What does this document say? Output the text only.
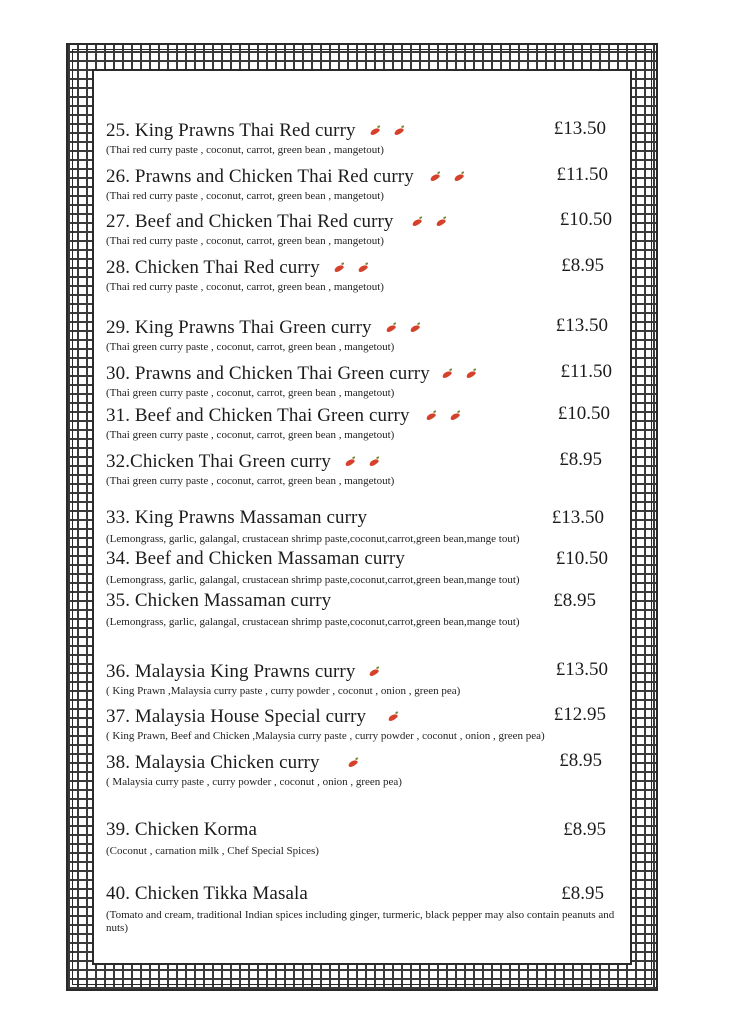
25. King Prawns Thai Red curry	£13.50
(Thai red curry paste , coconut, carrot, green bean , mangetout)
26. Prawns and Chicken Thai Red curry	£11.50
(Thai red curry paste , coconut, carrot, green bean , mangetout)
27. Beef and Chicken Thai Red curry	£10.50
(Thai red curry paste , coconut, carrot, green bean , mangetout)
28. Chicken Thai Red curry	£8.95
(Thai red curry paste , coconut, carrot, green bean , mangetout)
29. King Prawns Thai Green curry	£13.50
(Thai green curry paste , coconut, carrot, green bean , mangetout)
30. Prawns and Chicken Thai Green curry	£11.50
(Thai green curry paste , coconut, carrot, green bean , mangetout)
31. Beef and Chicken Thai Green curry	£10.50
(Thai green curry paste , coconut, carrot, green bean , mangetout)
32.Chicken Thai Green curry	£8.95
(Thai green curry paste , coconut, carrot, green bean , mangetout)
33. King Prawns Massaman curry	£13.50
(Lemongrass, garlic, galangal, crustacean shrimp paste,coconut,carrot,green bean,mange tout)
34. Beef and Chicken Massaman curry	£10.50
(Lemongrass, garlic, galangal, crustacean shrimp paste,coconut,carrot,green bean,mange tout)
35. Chicken Massaman curry	£8.95
(Lemongrass, garlic, galangal, crustacean shrimp paste,coconut,carrot,green bean,mange tout)
36. Malaysia King Prawns curry	£13.50
( King Prawn ,Malaysia curry paste , curry powder , coconut , onion , green pea)
37. Malaysia House Special curry	£12.95
( King Prawn, Beef and Chicken ,Malaysia curry paste , curry powder , coconut , onion , green pea)
38. Malaysia Chicken curry	£8.95
( Malaysia curry paste , curry powder , coconut , onion , green pea)
39. Chicken Korma	£8.95
(Coconut , carnation milk , Chef Special Spices)
40. Chicken Tikka Masala	£8.95
(Tomato and cream, traditional Indian spices including ginger, turmeric, black pepper may also contain peanuts and nuts)
